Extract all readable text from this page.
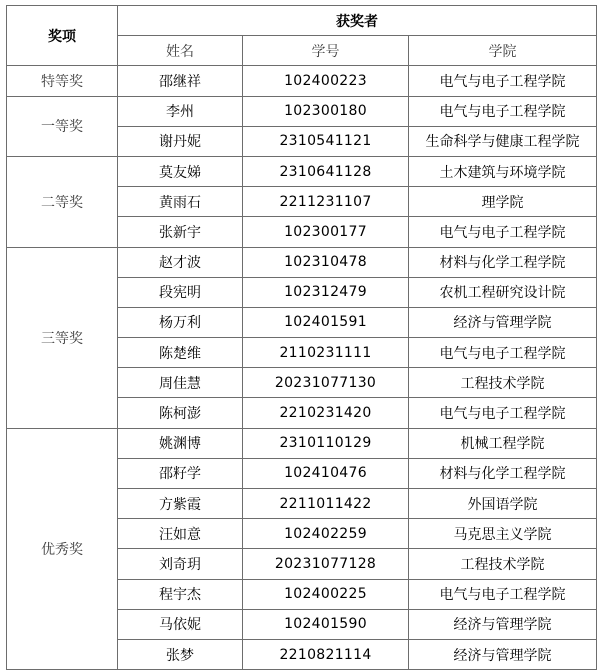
奖项	获奖者		
	姓名	学号	学院
特等奖	邵继祥	102400223	电气与电子工程学院
一等奖	李州	102300180	电气与电子工程学院
	谢丹妮	2310541121	生命科学与健康工程学院
二等奖	莫友娣	2310641128	土木建筑与环境学院
	黄雨石	2211231107	理学院
	张新宇	102300177	电气与电子工程学院
三等奖	赵才波	102310478	材料与化学工程学院
	段宪明	102312479	农机工程研究设计院
	杨万利	102401591	经济与管理学院
	陈楚维	2110231111	电气与电子工程学院
	周佳慧	20231077130	工程技术学院
	陈柯澎	2210231420	电气与电子工程学院
优秀奖	姚渊博	2310110129	机械工程学院
	邵籽学	102410476	材料与化学工程学院
	方紫霞	2211011422	外国语学院
	汪如意	102402259	马克思主义学院
	刘奇玥	20231077128	工程技术学院
	程宇杰	102400225	电气与电子工程学院
	马依妮	102401590	经济与管理学院
	张梦	2210821114	经济与管理学院
